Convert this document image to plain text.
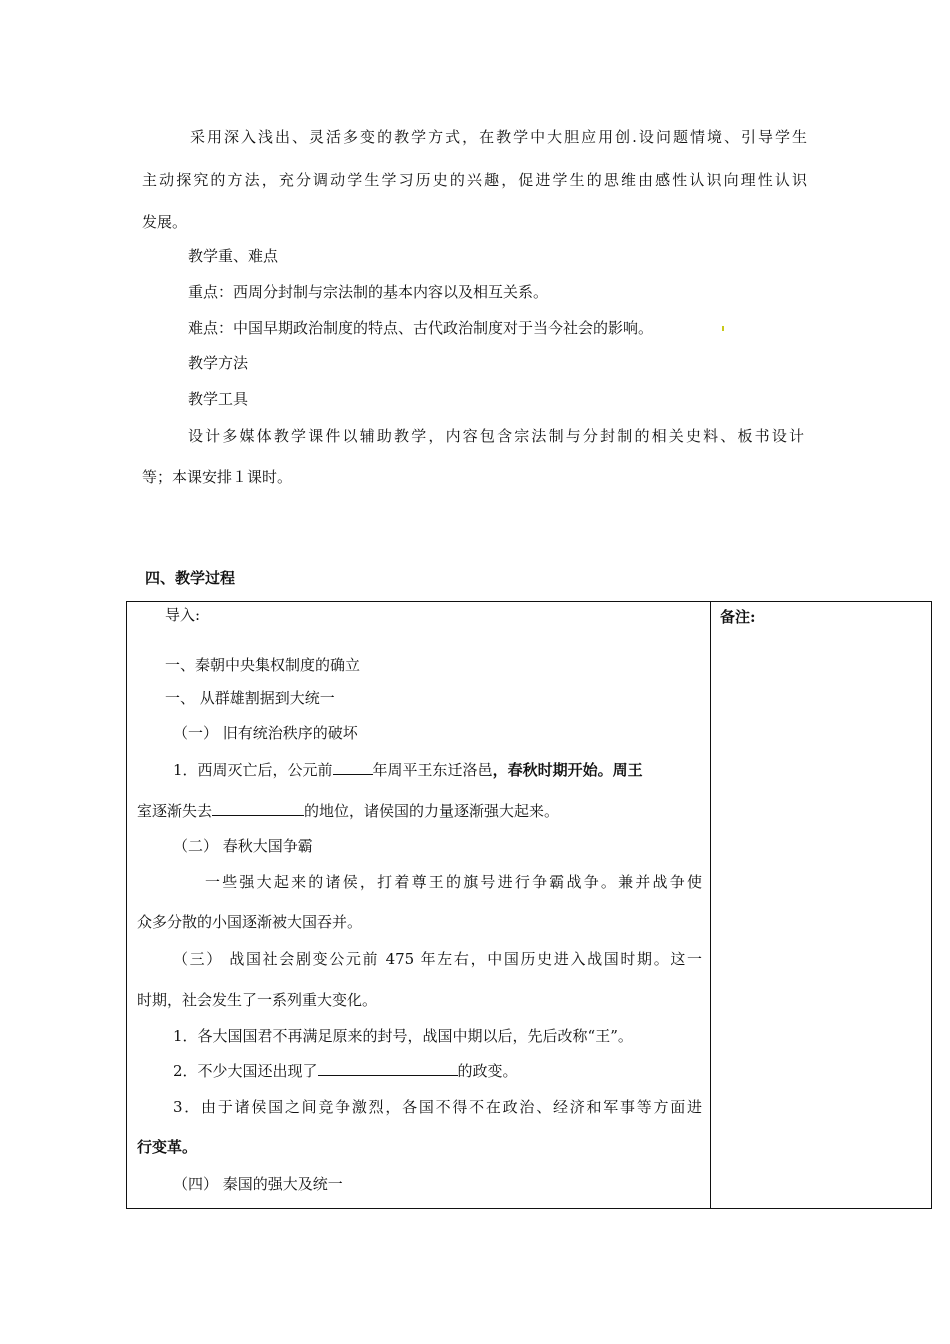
采用深入浅出、灵活多变的教学方式，在教学中大胆应用创.设问题情境、引导学生
主动探究的方法，充分调动学生学习历史的兴趣，促进学生的思维由感性认识向理性认识
发展。
教学重、难点
重点：西周分封制与宗法制的基本内容以及相互关系。
难点：中国早期政治制度的特点、古代政治制度对于当今社会的影响。
教学方法
教学工具
设计多媒体教学课件以辅助教学，内容包含宗法制与分封制的相关史料、板书设计
等；本课安排１课时。
四、教学过程
导入:
一、秦朝中央集权制度的确立
一、 从群雄割据到大统一
（一） 旧有统治秩序的破坏
1．西周灭亡后，公元前	年周平王东迁洛邑，春秋时期开始。周王
室逐渐失去	的地位，诸侯国的力量逐渐强大起来。
（二） 春秋大国争霸
一些强大起来的诸侯，打着尊王的旗号进行争霸战争。兼并战争使
众多分散的小国逐渐被大国吞并。
（三） 战国社会剧变公元前 475 年左右，中国历史进入战国时期。这一
时期，社会发生了一系列重大变化。
1．各大国国君不再满足原来的封号，战国中期以后，先后改称“王”。
2．不少大国还出现了	的政变。
3．由于诸侯国之间竞争激烈，各国不得不在政治、经济和军事等方面进
行变革。
（四） 秦国的强大及统一

备注:
